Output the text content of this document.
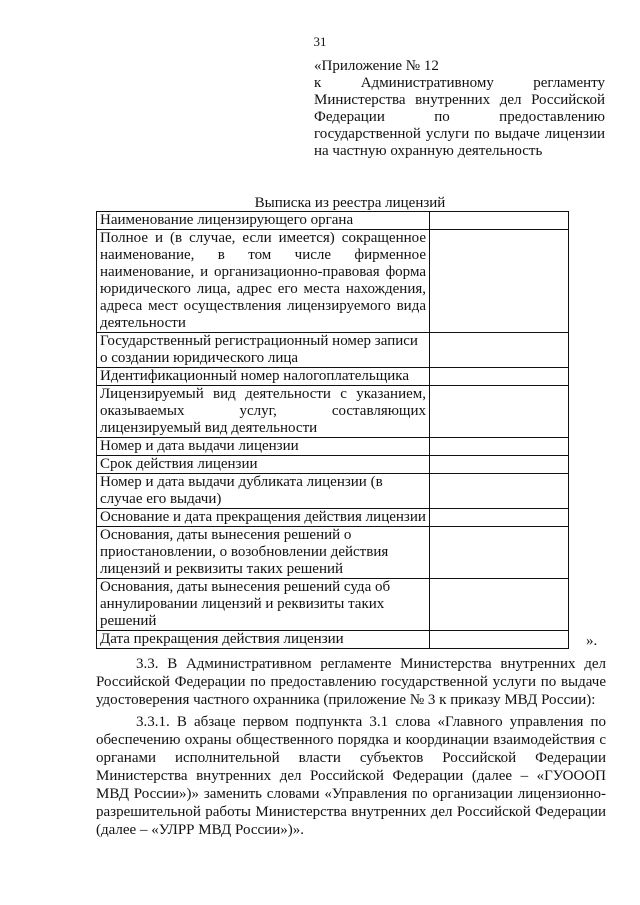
31
«Приложение № 12
к Административному регламенту
Министерства внутренних дел Российской
Федерации по предоставлению
государственной услуги по выдаче лицензии
на частную охранную деятельность
Выписка из реестра лицензий
Наименование лицензирующего органа	
Полное и (в случае, если имеется) сокращенное наименование, в том числе фирменное наименование, и организационно-правовая форма юридического лица, адрес его места нахождения, адреса мест осуществления лицензируемого вида деятельности	
Государственный регистрационный номер записи о создании юридического лица	
Идентификационный номер налогоплательщика	
Лицензируемый вид деятельности с указанием, оказываемых услуг, составляющих лицензируемый вид деятельности	
Номер и дата выдачи лицензии	
Срок действия лицензии	
Номер и дата выдачи дубликата лицензии (в случае его выдачи)	
Основание и дата прекращения действия лицензии	
Основания, даты вынесения решений о приостановлении, о возобновлении действия лицензий и реквизиты таких решений	
Основания, даты вынесения решений суда об аннулировании лицензий и реквизиты таких решений	
Дата прекращения действия лицензии		».

3.3. В Административном регламенте Министерства внутренних дел Российской Федерации по предоставлению государственной услуги по выдаче удостоверения частного охранника (приложение № 3 к приказу МВД России):

3.3.1. В абзаце первом подпункта 3.1 слова «Главного управления по обеспечению охраны общественного порядка и координации взаимодействия с органами исполнительной власти субъектов Российской Федерации Министерства внутренних дел Российской Федерации (далее – «ГУОООП МВД России»)» заменить словами «Управления по организации лицензионно-разрешительной работы Министерства внутренних дел Российской Федерации (далее – «УЛРР МВД России»)».
